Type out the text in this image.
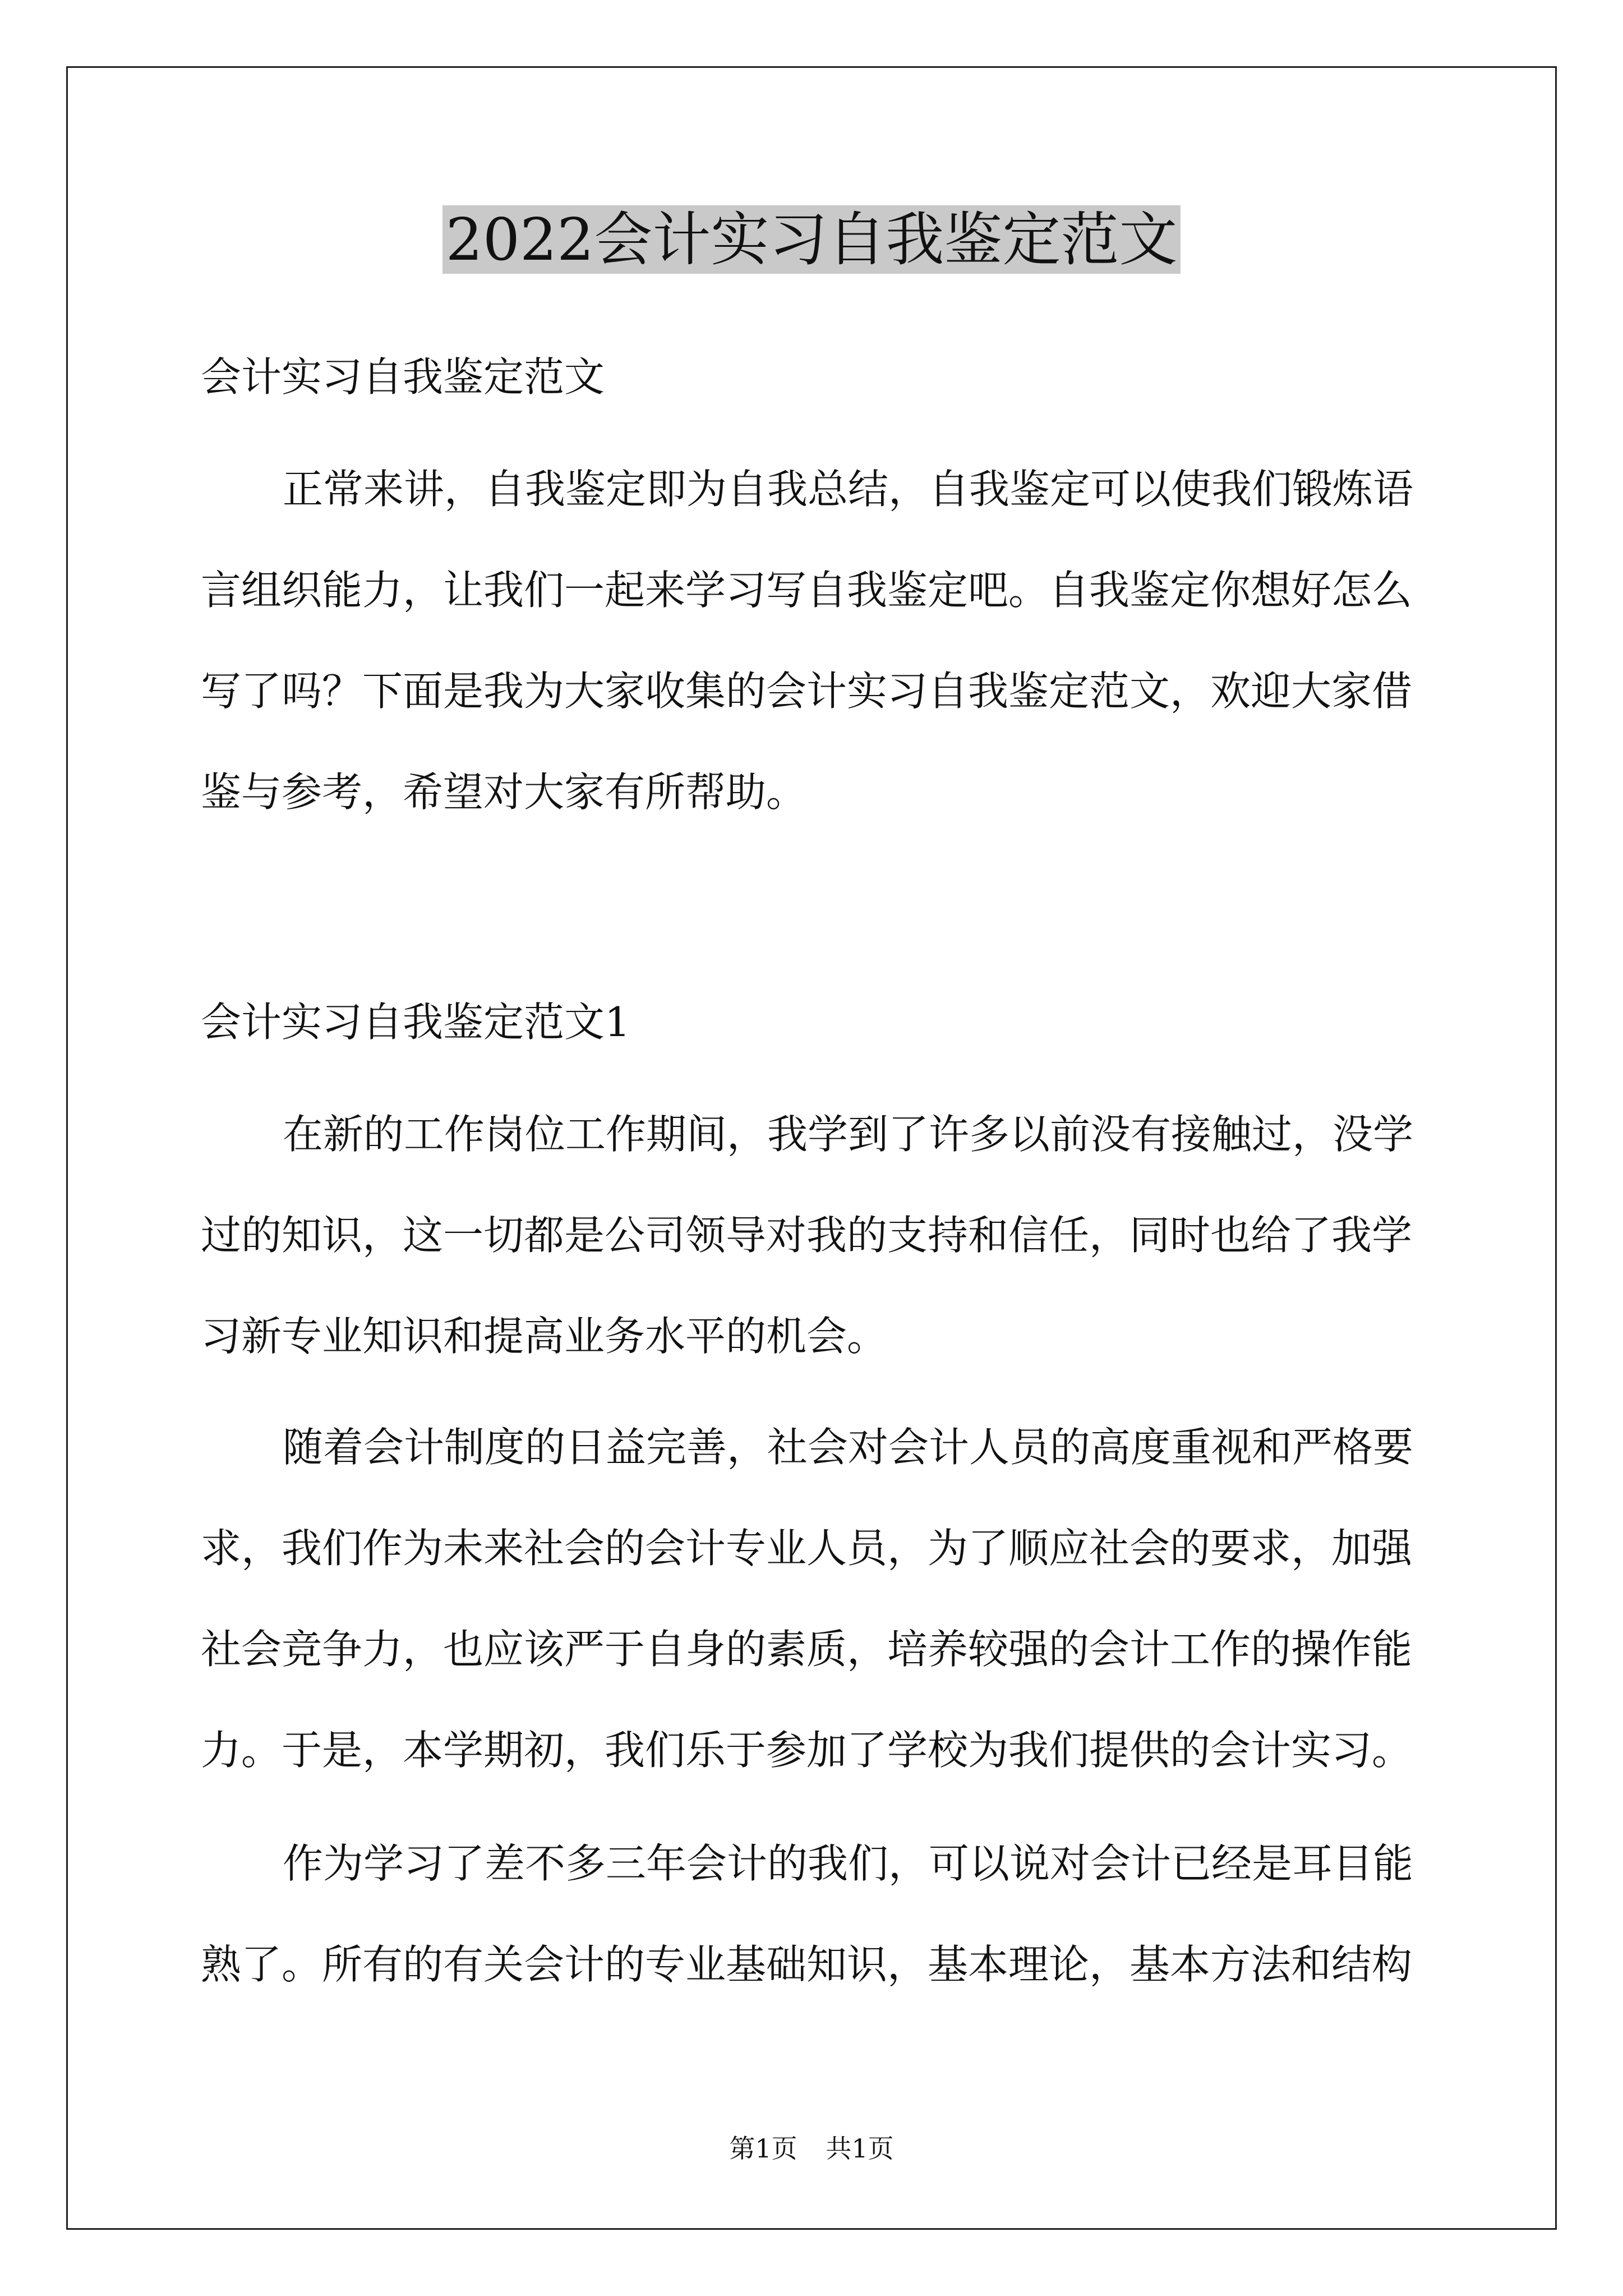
2022会计实习自我鉴定范文

会计实习自我鉴定范文

正常来讲，自我鉴定即为自我总结，自我鉴定可以使我们锻炼语言组织能力，让我们一起来学习写自我鉴定吧。自我鉴定你想好怎么写了吗？下面是我为大家收集的会计实习自我鉴定范文，欢迎大家借鉴与参考，希望对大家有所帮助。

会计实习自我鉴定范文1

在新的工作岗位工作期间，我学到了许多以前没有接触过，没学过的知识，这一切都是公司领导对我的支持和信任，同时也给了我学习新专业知识和提高业务水平的机会。

随着会计制度的日益完善，社会对会计人员的高度重视和严格要求，我们作为未来社会的会计专业人员，为了顺应社会的要求，加强社会竞争力，也应该严于自身的素质，培养较强的会计工作的操作能力。于是，本学期初，我们乐于参加了学校为我们提供的会计实习。

作为学习了差不多三年会计的我们，可以说对会计已经是耳目能熟了。所有的有关会计的专业基础知识，基本理论，基本方法和结构

第1页 共1页
